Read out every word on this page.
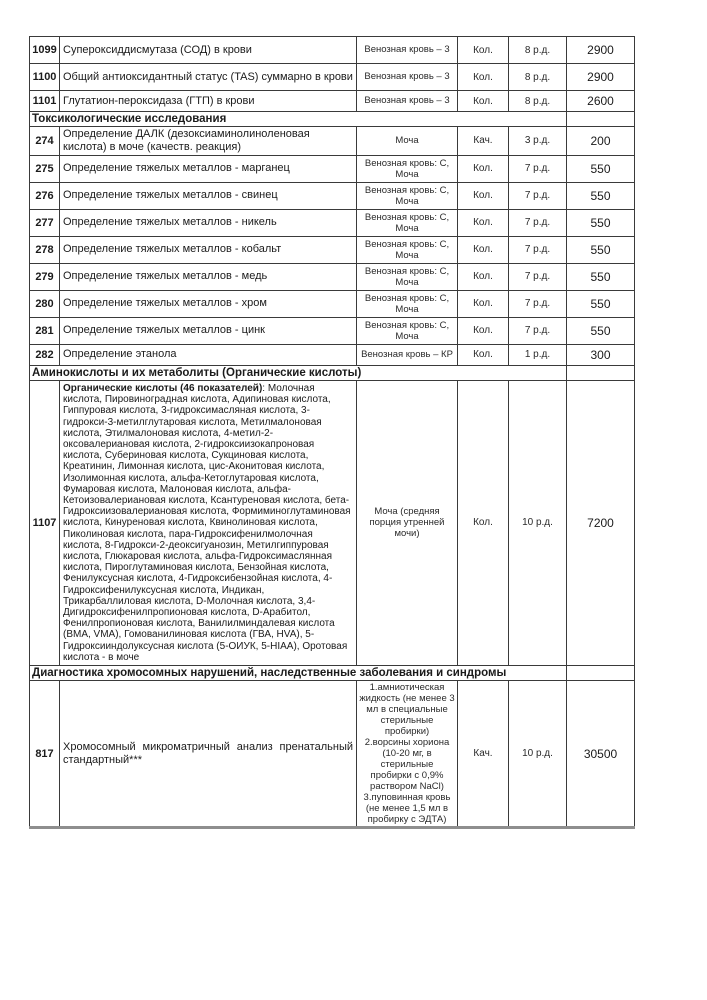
1099	Супероксиддисмутаза (СОД) в крови	Венозная кровь – 3	Кол.	8 р.д.	2900
1100	Общий антиоксидантный статус (TAS) суммарно в крови	Венозная кровь – 3	Кол.	8 р.д.	2900
1101	Глутатион-пероксидаза (ГТП) в крови	Венозная кровь – 3	Кол.	8 р.д.	2600
Токсикологические исследования					
274	Определение ДАЛК (дезоксиаминолиноленовая кислота) в моче (качеств. реакция)	Моча	Кач.	3 р.д.	200
275	Определение тяжелых металлов - марганец	Венозная кровь: С, Моча	Кол.	7 р.д.	550
276	Определение тяжелых металлов - свинец	Венозная кровь: С, Моча	Кол.	7 р.д.	550
277	Определение тяжелых металлов - никель	Венозная кровь: С, Моча	Кол.	7 р.д.	550
278	Определение тяжелых металлов - кобальт	Венозная кровь: С, Моча	Кол.	7 р.д.	550
279	Определение тяжелых металлов - медь	Венозная кровь: С, Моча	Кол.	7 р.д.	550
280	Определение тяжелых металлов - хром	Венозная кровь: С, Моча	Кол.	7 р.д.	550
281	Определение тяжелых металлов - цинк	Венозная кровь: С, Моча	Кол.	7 р.д.	550
282	Определение этанола	Венозная кровь – КР	Кол.	1 р.д.	300
Аминокислоты и их метаболиты (Органические кислоты)					
1107	Органические кислоты (46 показателей): Молочная кислота, Пировиноградная кислота, Адипиновая кислота, Гиппуровая кислота, 3-гидроксимасляная кислота, 3-гидрокси-3-метилглутаровая кислота, Метилмалоновая кислота, Этилмалоновая кислота, 4-метил-2-оксовалериановая кислота, 2-гидроксиизокапроновая кислота, Субериновая кислота, Сукциновая кислота, Креатинин, Лимонная кислота, цис-Аконитовая кислота, Изолимонная кислота, альфа-Кетоглутаровая кислота, Фумаровая кислота, Малоновая кислота, альфа-Кетоизовалериановая кислота, Ксантуреновая кислота, бета-Гидроксиизовалериановая кислота, Формиминоглутаминовая кислота, Кинуреновая кислота, Квинолиновая кислота, Пиколиновая кислота, пара-Гидроксифенилмолочная кислота, 8-Гидрокси-2-деоксигуанозин, Метилгиппуровая кислота, Глюкаровая кислота, альфа-Гидроксимаслянная кислота, Пироглутаминовая кислота, Бензойная кислота, Фенилуксусная кислота, 4-Гидроксибензойная кислота, 4-Гидроксифенилуксусная кислота, Индикан, Трикарбаллиловая кислота, D-Молочная кислота, 3,4-Дигидроксифенилпропионовая кислота, D-Арабитол, Фенилпропионовая кислота, Ванилилминдалевая кислота (ВМА, VMA), Гомованилиновая кислота (ГВА, HVA), 5-Гидроксииндолуксусная кислота (5-ОИУК, 5-HIAA), Оротовая кислота - в моче	Моча (средняя порция утренней мочи)	Кол.	10 р.д.	7200
Диагностика хромосомных нарушений, наследственные заболевания и синдромы					
817	Хромосомный микроматричный анализ пренатальный стандартный***	1.амниотическая жидкость (не менее 3 мл в специальные стерильные пробирки)
2.ворсины хориона (10-20 мг, в стерильные пробирки с 0,9% раствором NaCl)
3.пуповинная кровь (не менее 1,5 мл в пробирку с ЭДТА)	Кач.	10 р.д.	30500
